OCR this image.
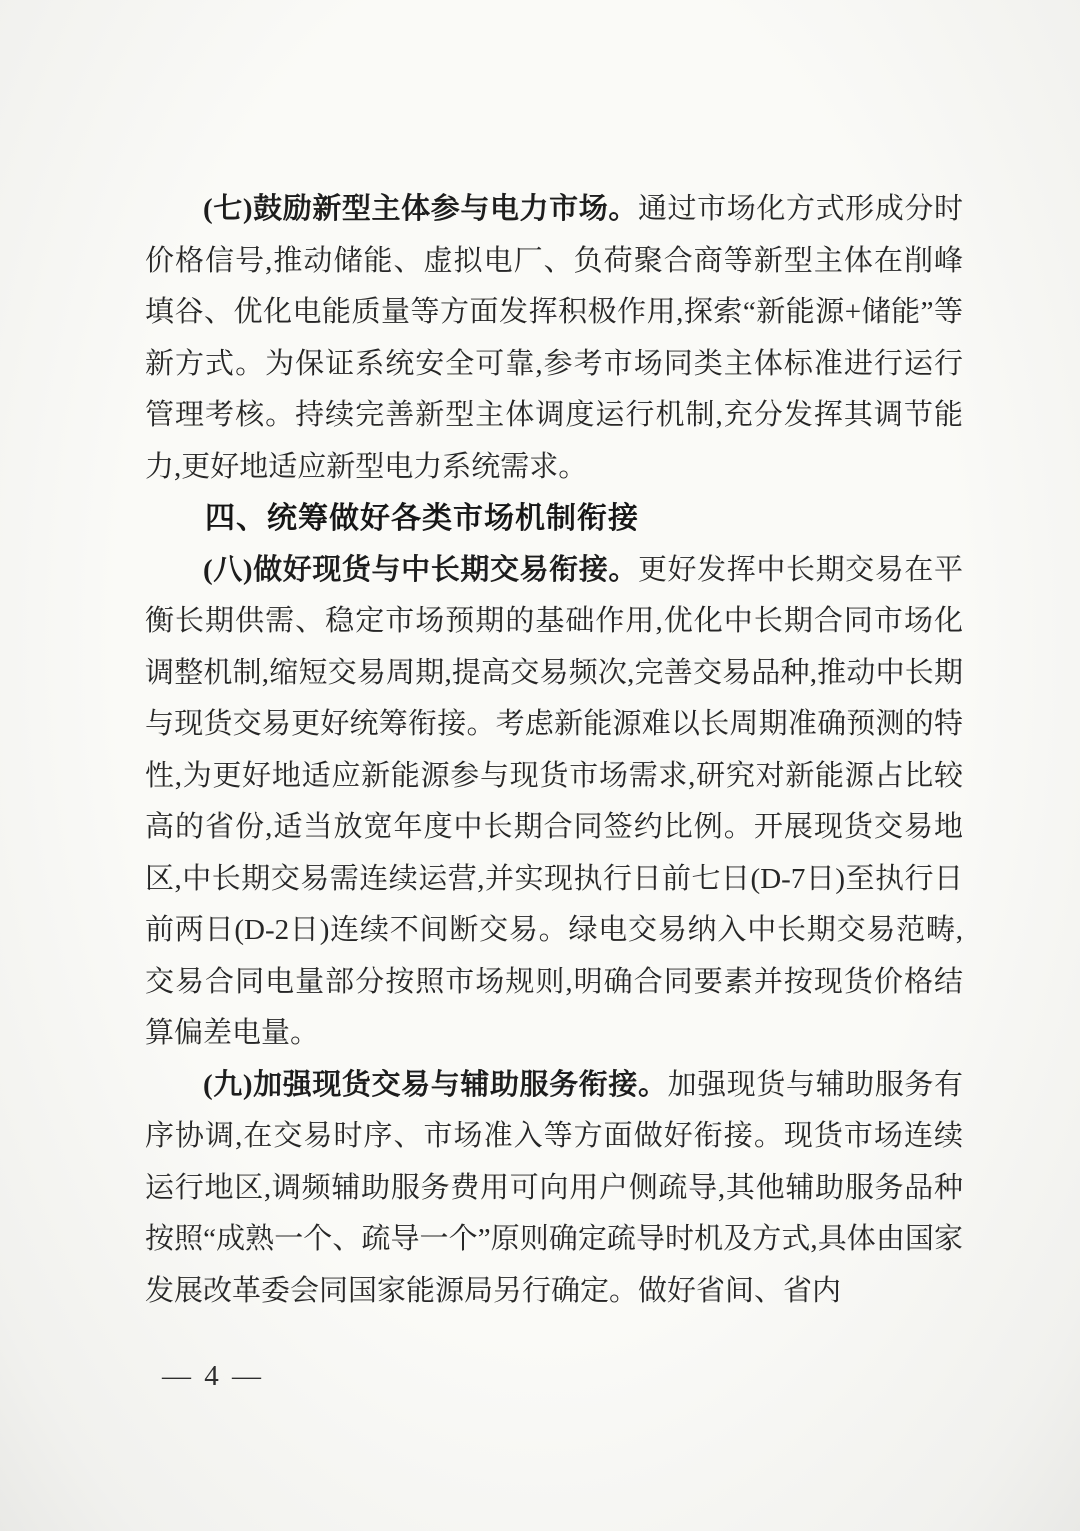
(七)鼓励新型主体参与电力市场。通过市场化方式形成分时价格信号,推动储能、虚拟电厂、负荷聚合商等新型主体在削峰填谷、优化电能质量等方面发挥积极作用,探索“新能源+储能”等新方式。为保证系统安全可靠,参考市场同类主体标准进行运行管理考核。持续完善新型主体调度运行机制,充分发挥其调节能力,更好地适应新型电力系统需求。

四、统筹做好各类市场机制衔接

(八)做好现货与中长期交易衔接。更好发挥中长期交易在平衡长期供需、稳定市场预期的基础作用,优化中长期合同市场化调整机制,缩短交易周期,提高交易频次,完善交易品种,推动中长期与现货交易更好统筹衔接。考虑新能源难以长周期准确预测的特性,为更好地适应新能源参与现货市场需求,研究对新能源占比较高的省份,适当放宽年度中长期合同签约比例。开展现货交易地区,中长期交易需连续运营,并实现执行日前七日(D-7日)至执行日前两日(D-2日)连续不间断交易。绿电交易纳入中长期交易范畴,交易合同电量部分按照市场规则,明确合同要素并按现货价格结算偏差电量。

(九)加强现货交易与辅助服务衔接。加强现货与辅助服务有序协调,在交易时序、市场准入等方面做好衔接。现货市场连续运行地区,调频辅助服务费用可向用户侧疏导,其他辅助服务品种按照“成熟一个、疏导一个”原则确定疏导时机及方式,具体由国家发展改革委会同国家能源局另行确定。做好省间、省内

— 4 —
